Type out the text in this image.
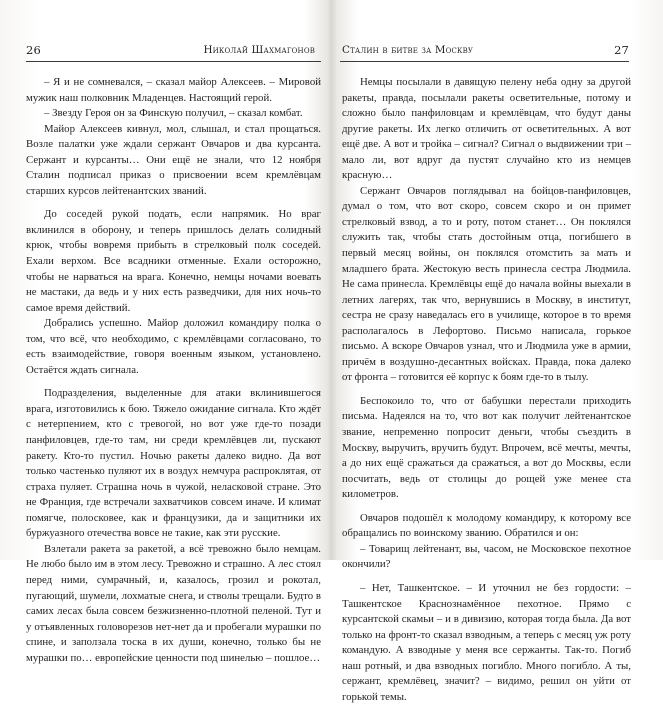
26	Николай Шахмагонов

– Я и не сомневался, – сказал майор Алексеев. – Мировой мужик наш полковник Младенцев. Настоящий герой.

– Звезду Героя он за Финскую получил, – сказал комбат.

Майор Алексеев кивнул, мол, слышал, и стал прощаться. Возле палатки уже ждали сержант Овчаров и два курсанта. Сержант и курсанты… Они ещё не знали, что 12 ноября Сталин подписал приказ о присвоении всем кремлёвцам старших курсов лейтенантских званий.

До соседей рукой подать, если напрямик. Но враг вклинился в оборону, и теперь пришлось делать солидный крюк, чтобы вовремя прибыть в стрелковый полк соседей. Ехали верхом. Все всадники отменные. Ехали осторожно, чтобы не нарваться на врага. Конечно, немцы ночами воевать не мастаки, да ведь и у них есть разведчики, для них ночь-то самое время действий.

Добрались успешно. Майор доложил командиру полка о том, что всё, что необходимо, с кремлёвцами согласовано, то есть взаимодействие, говоря военным языком, установлено. Остаётся ждать сигнала.

Подразделения, выделенные для атаки вклинившегося врага, изготовились к бою. Тяжело ожидание сигнала. Кто ждёт с нетерпением, кто с тревогой, но вот уже где-то позади панфиловцев, где-то там, ни среди кремлёвцев ли, пускают ракету. Кто-то пустил. Ночью ракеты далеко видно. Да вот только частенько пуляют их в воздух немчура распроклятая, от страха пуляет. Страшна ночь в чужой, неласковой стране. Это не Франция, где встречали захватчиков совсем иначе. И климат помягче, полосковее, как и французики, да и защитники их буржуазного отечества вовсе не такие, как эти русские.

Взлетали ракета за ракетой, а всё тревожно было немцам. Не любо было им в этом лесу. Тревожно и страшно. А лес стоял перед ними, сумрачный, и, казалось, грозил и рокотал, пугающий, шумели, лохматые снега, и стволы трещали. Будто в самих лесах была совсем безжизненно-плотной пеленой. Тут и у отъявленных головорезов нет-нет да и пробегали мурашки по спине, и заползала тоска в их души, конечно, только бы не мурашки по… европейские ценности под шинелью – пошлое…

Сталин в битве за Москву	27

Немцы посылали в давящую пелену неба одну за другой ракеты, правда, посылали ракеты осветительные, потому и сложно было панфиловцам и кремлёвцам, что будут даны другие ракеты. Их легко отличить от осветительных. А вот ещё две. А вот и тройка – сигнал? Сигнал о выдвижении три – мало ли, вот вдруг да пустят случайно кто из немцев красную…

Сержант Овчаров поглядывал на бойцов-панфиловцев, думал о том, что вот скоро, совсем скоро и он примет стрелковый взвод, а то и роту, потом станет… Он поклялся служить так, чтобы стать достойным отца, погибшего в первый месяц войны, он поклялся отомстить за мать и младшего брата. Жестокую весть принесла сестра Людмила. Не сама принесла. Кремлёвцы ещё до начала войны выехали в летних лагерях, так что, вернувшись в Москву, в институт, сестра не сразу наведалась его в училище, которое в то время располагалось в Лефортово. Письмо написала, горькое письмо. А вскоре Овчаров узнал, что и Людмила уже в армии, причём в воздушно-десантных войсках. Правда, пока далеко от фронта – готовится её корпус к боям где-то в тылу.

Беспокоило то, что от бабушки перестали приходить письма. Надеялся на то, что вот как получит лейтенантское звание, непременно попросит деньги, чтобы съездить в Москву, выручить, вручить будут. Впрочем, всё мечты, мечты, а до них ещё сражаться да сражаться, а вот до Москвы, если посчитать, ведь от столицы до рощей уже менее ста километров.

Овчаров подошёл к молодому командиру, к которому все обращались по воинскому званию. Обратился и он:

– Товарищ лейтенант, вы, часом, не Московское пехотное окончили?

– Нет, Ташкентское. – И уточнил не без гордости: – Ташкентское Краснознамённое пехотное. Прямо с курсантской скамьи – и в дивизию, которая тогда была. Да вот только на фронт-то сказал взводным, а теперь с месяц уж роту командую. А взводные у меня все сержанты. Так-то. Погиб наш ротный, и два взводных погибло. Много погибло. А ты, сержант, кремлёвец, значит? – видимо, решил он уйти от горькой темы.
